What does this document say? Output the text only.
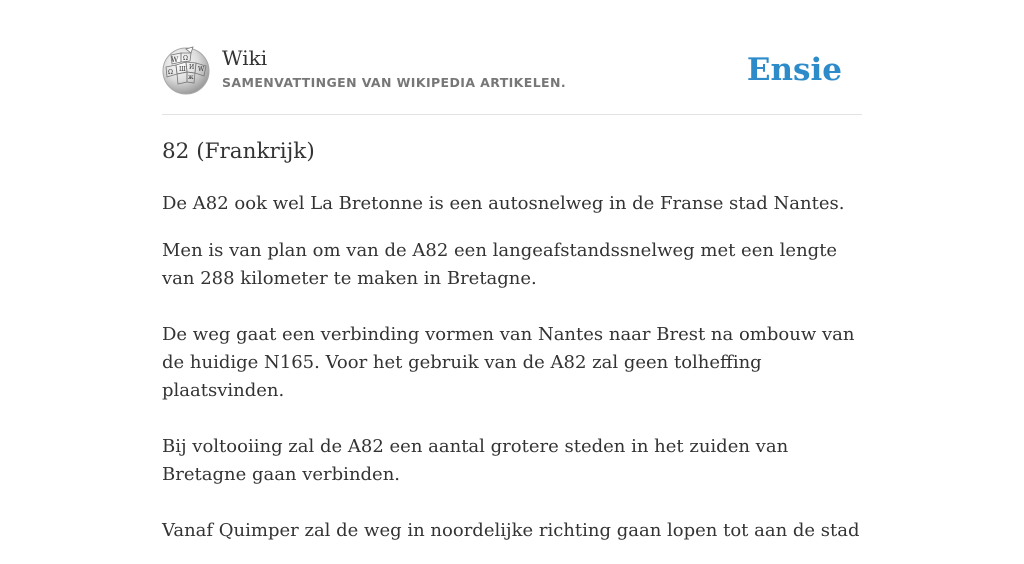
W Ω
И
Ш
Ω	W
ж
Wiki
SAMENVATTINGEN VAN WIKIPEDIA ARTIKELEN.	Ensie
82 (Frankrijk)

De A82 ook wel La Bretonne is een autosnelweg in de Franse stad Nantes.

Men is van plan om van de A82 een langeafstandssnelweg met een lengte van 288 kilometer te maken in Bretagne.

De weg gaat een verbinding vormen van Nantes naar Brest na ombouw van de huidige N165. Voor het gebruik van de A82 zal geen tolheffing plaatsvinden.

Bij voltooiing zal de A82 een aantal grotere steden in het zuiden van Bretagne gaan verbinden.

Vanaf Quimper zal de weg in noordelijke richting gaan lopen tot aan de stad
